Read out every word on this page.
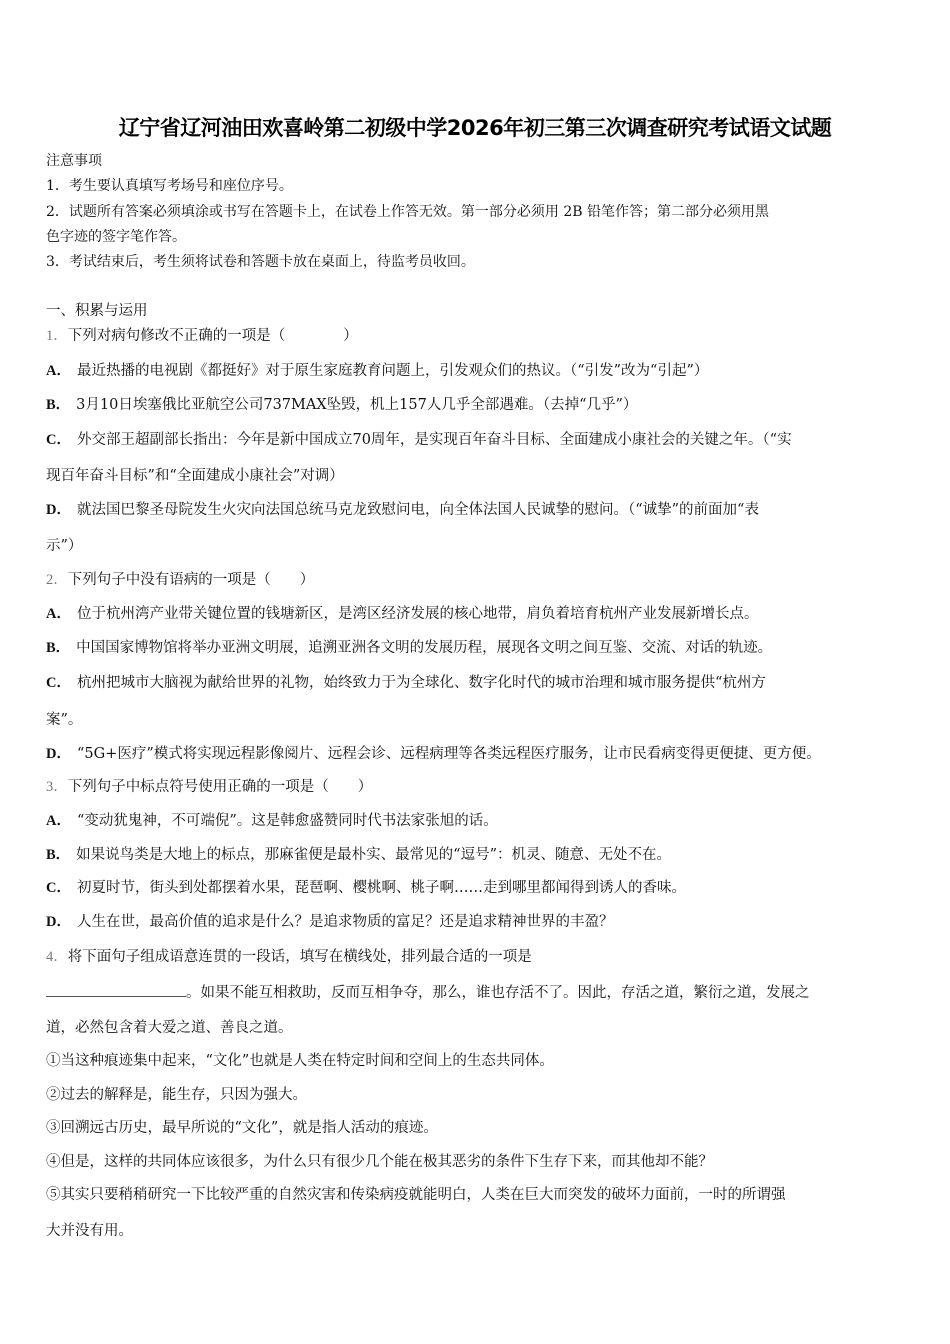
辽宁省辽河油田欢喜岭第二初级中学2026年初三第三次调查研究考试语文试题
注意事项
1．考生要认真填写考场号和座位序号。
2．试题所有答案必须填涂或书写在答题卡上，在试卷上作答无效。第一部分必须用 2B 铅笔作答；第二部分必须用黑
色字迹的签字笔作答。
3．考试结束后，考生须将试卷和答题卡放在桌面上，待监考员收回。
一、积累与运用
1．下列对病句修改不正确的一项是（　　　　）
A． 最近热播的电视剧《都挺好》对于原生家庭教育问题上，引发观众们的热议。（“引发”改为“引起”）
B． 3月10日埃塞俄比亚航空公司737MAX坠毁，机上157人几乎全部遇难。（去掉“几乎”）
C． 外交部王超副部长指出：今年是新中国成立70周年，是实现百年奋斗目标、全面建成小康社会的关键之年。（“实
现百年奋斗目标”和“全面建成小康社会”对调）
D． 就法国巴黎圣母院发生火灾向法国总统马克龙致慰问电，向全体法国人民诚挚的慰问。（“诚挚”的前面加“表
示”）
2．下列句子中没有语病的一项是（　　）
A． 位于杭州湾产业带关键位置的钱塘新区，是湾区经济发展的核心地带，肩负着培育杭州产业发展新增长点。
B． 中国国家博物馆将举办亚洲文明展，追溯亚洲各文明的发展历程，展现各文明之间互鉴、交流、对话的轨迹。
C． 杭州把城市大脑视为献给世界的礼物，始终致力于为全球化、数字化时代的城市治理和城市服务提供“杭州方
案”。
D． “5G+医疗”模式将实现远程影像阅片、远程会诊、远程病理等各类远程医疗服务，让市民看病变得更便捷、更方便。
3．下列句子中标点符号使用正确的一项是（　　）
A． “变动犹鬼神，不可端倪”。这是韩愈盛赞同时代书法家张旭的话。
B． 如果说鸟类是大地上的标点，那麻雀便是最朴实、最常见的“逗号”：机灵、随意、无处不在。
C． 初夏时节，街头到处都摆着水果，琵琶啊、樱桃啊、桃子啊……走到哪里都闻得到诱人的香味。
D． 人生在世，最高价值的追求是什么？是追求物质的富足？还是追求精神世界的丰盈？
4．将下面句子组成语意连贯的一段话，填写在横线处，排列最合适的一项是
。如果不能互相救助，反而互相争夺，那么，谁也存活不了。因此，存活之道，繁衍之道，发展之
道，必然包含着大爱之道、善良之道。
①当这种痕迹集中起来，“文化”也就是人类在特定时间和空间上的生态共同体。
②过去的解释是，能生存，只因为强大。
③回溯远古历史，最早所说的“文化”，就是指人活动的痕迹。
④但是，这样的共同体应该很多，为什么只有很少几个能在极其恶劣的条件下生存下来，而其他却不能？
⑤其实只要稍稍研究一下比较严重的自然灾害和传染病疫就能明白，人类在巨大而突发的破坏力面前，一时的所谓强
大并没有用。
